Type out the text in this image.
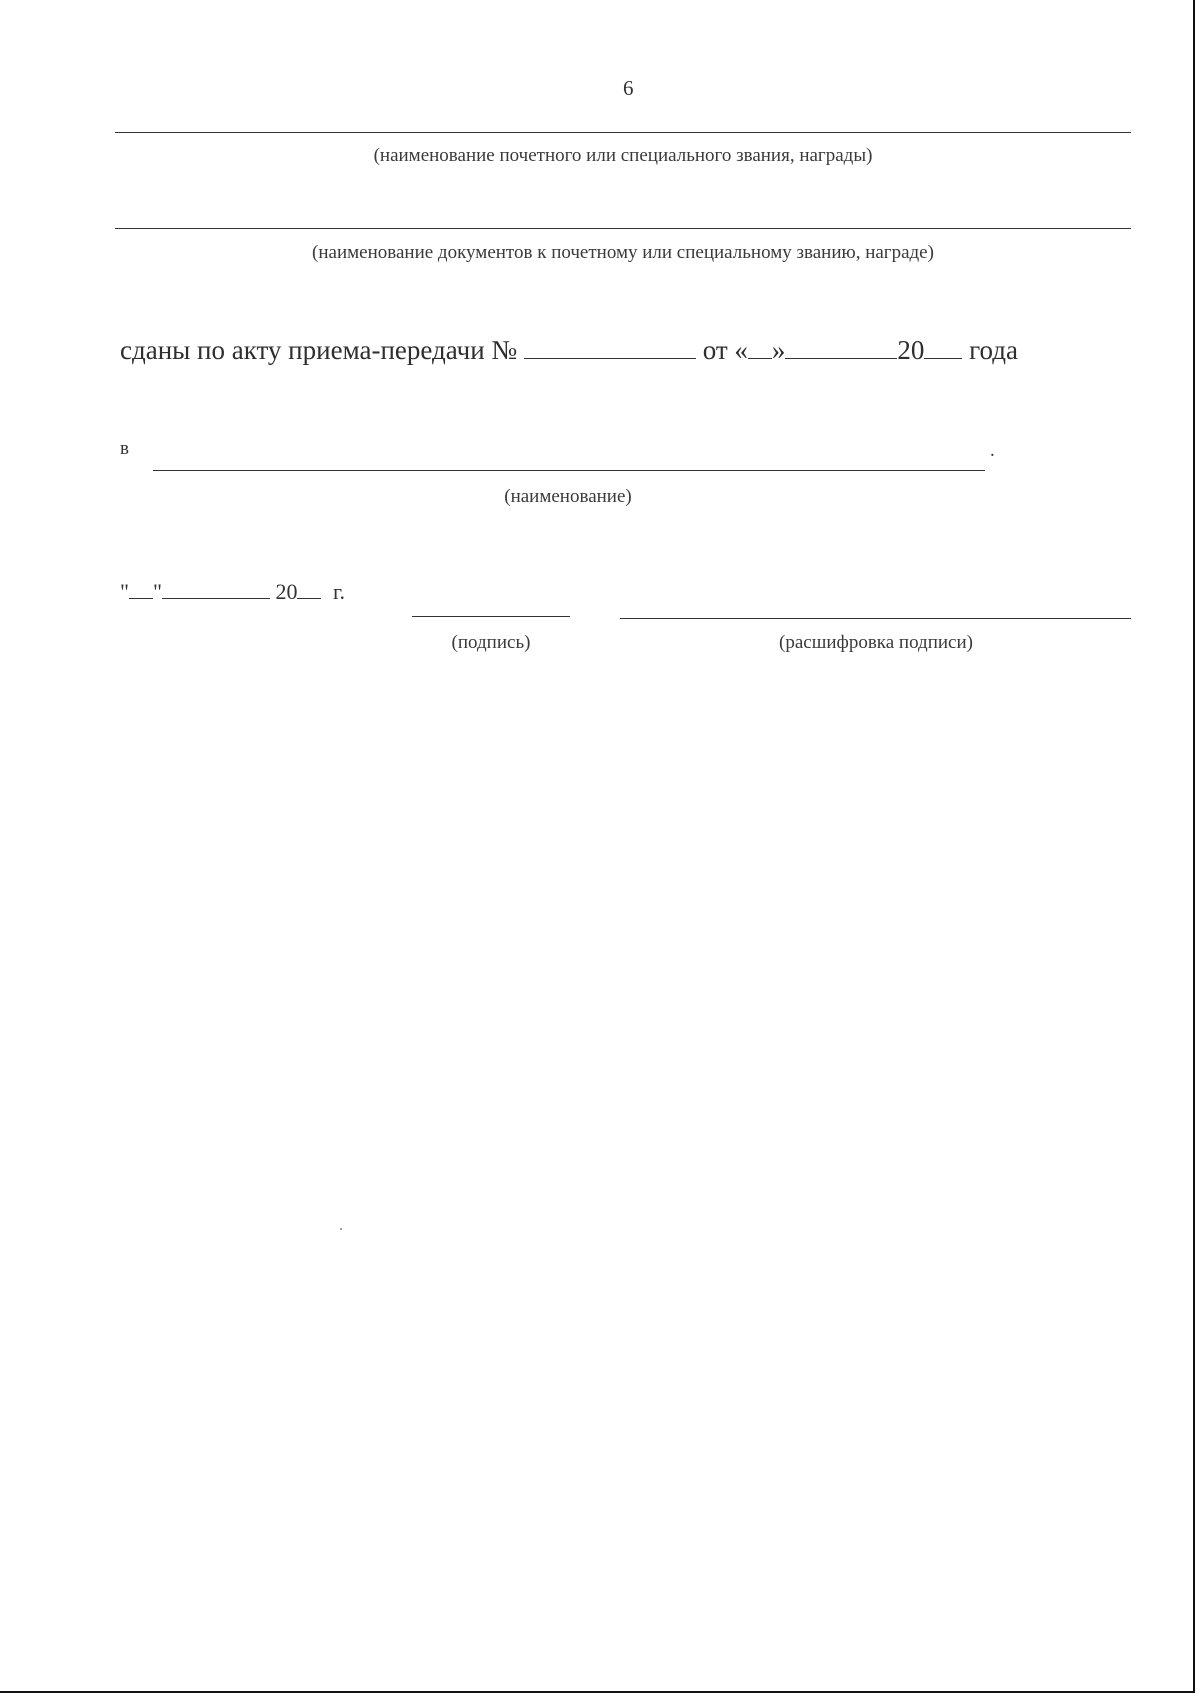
6
(наименование почетного или специального звания, награды)
(наименование документов к почетному или специальному званию, награде)
сданы по акту приема-передачи №	от « »	20 года
в	.
(наименование)
" "	20 г.
(подпись)	(расшифровка подписи)
